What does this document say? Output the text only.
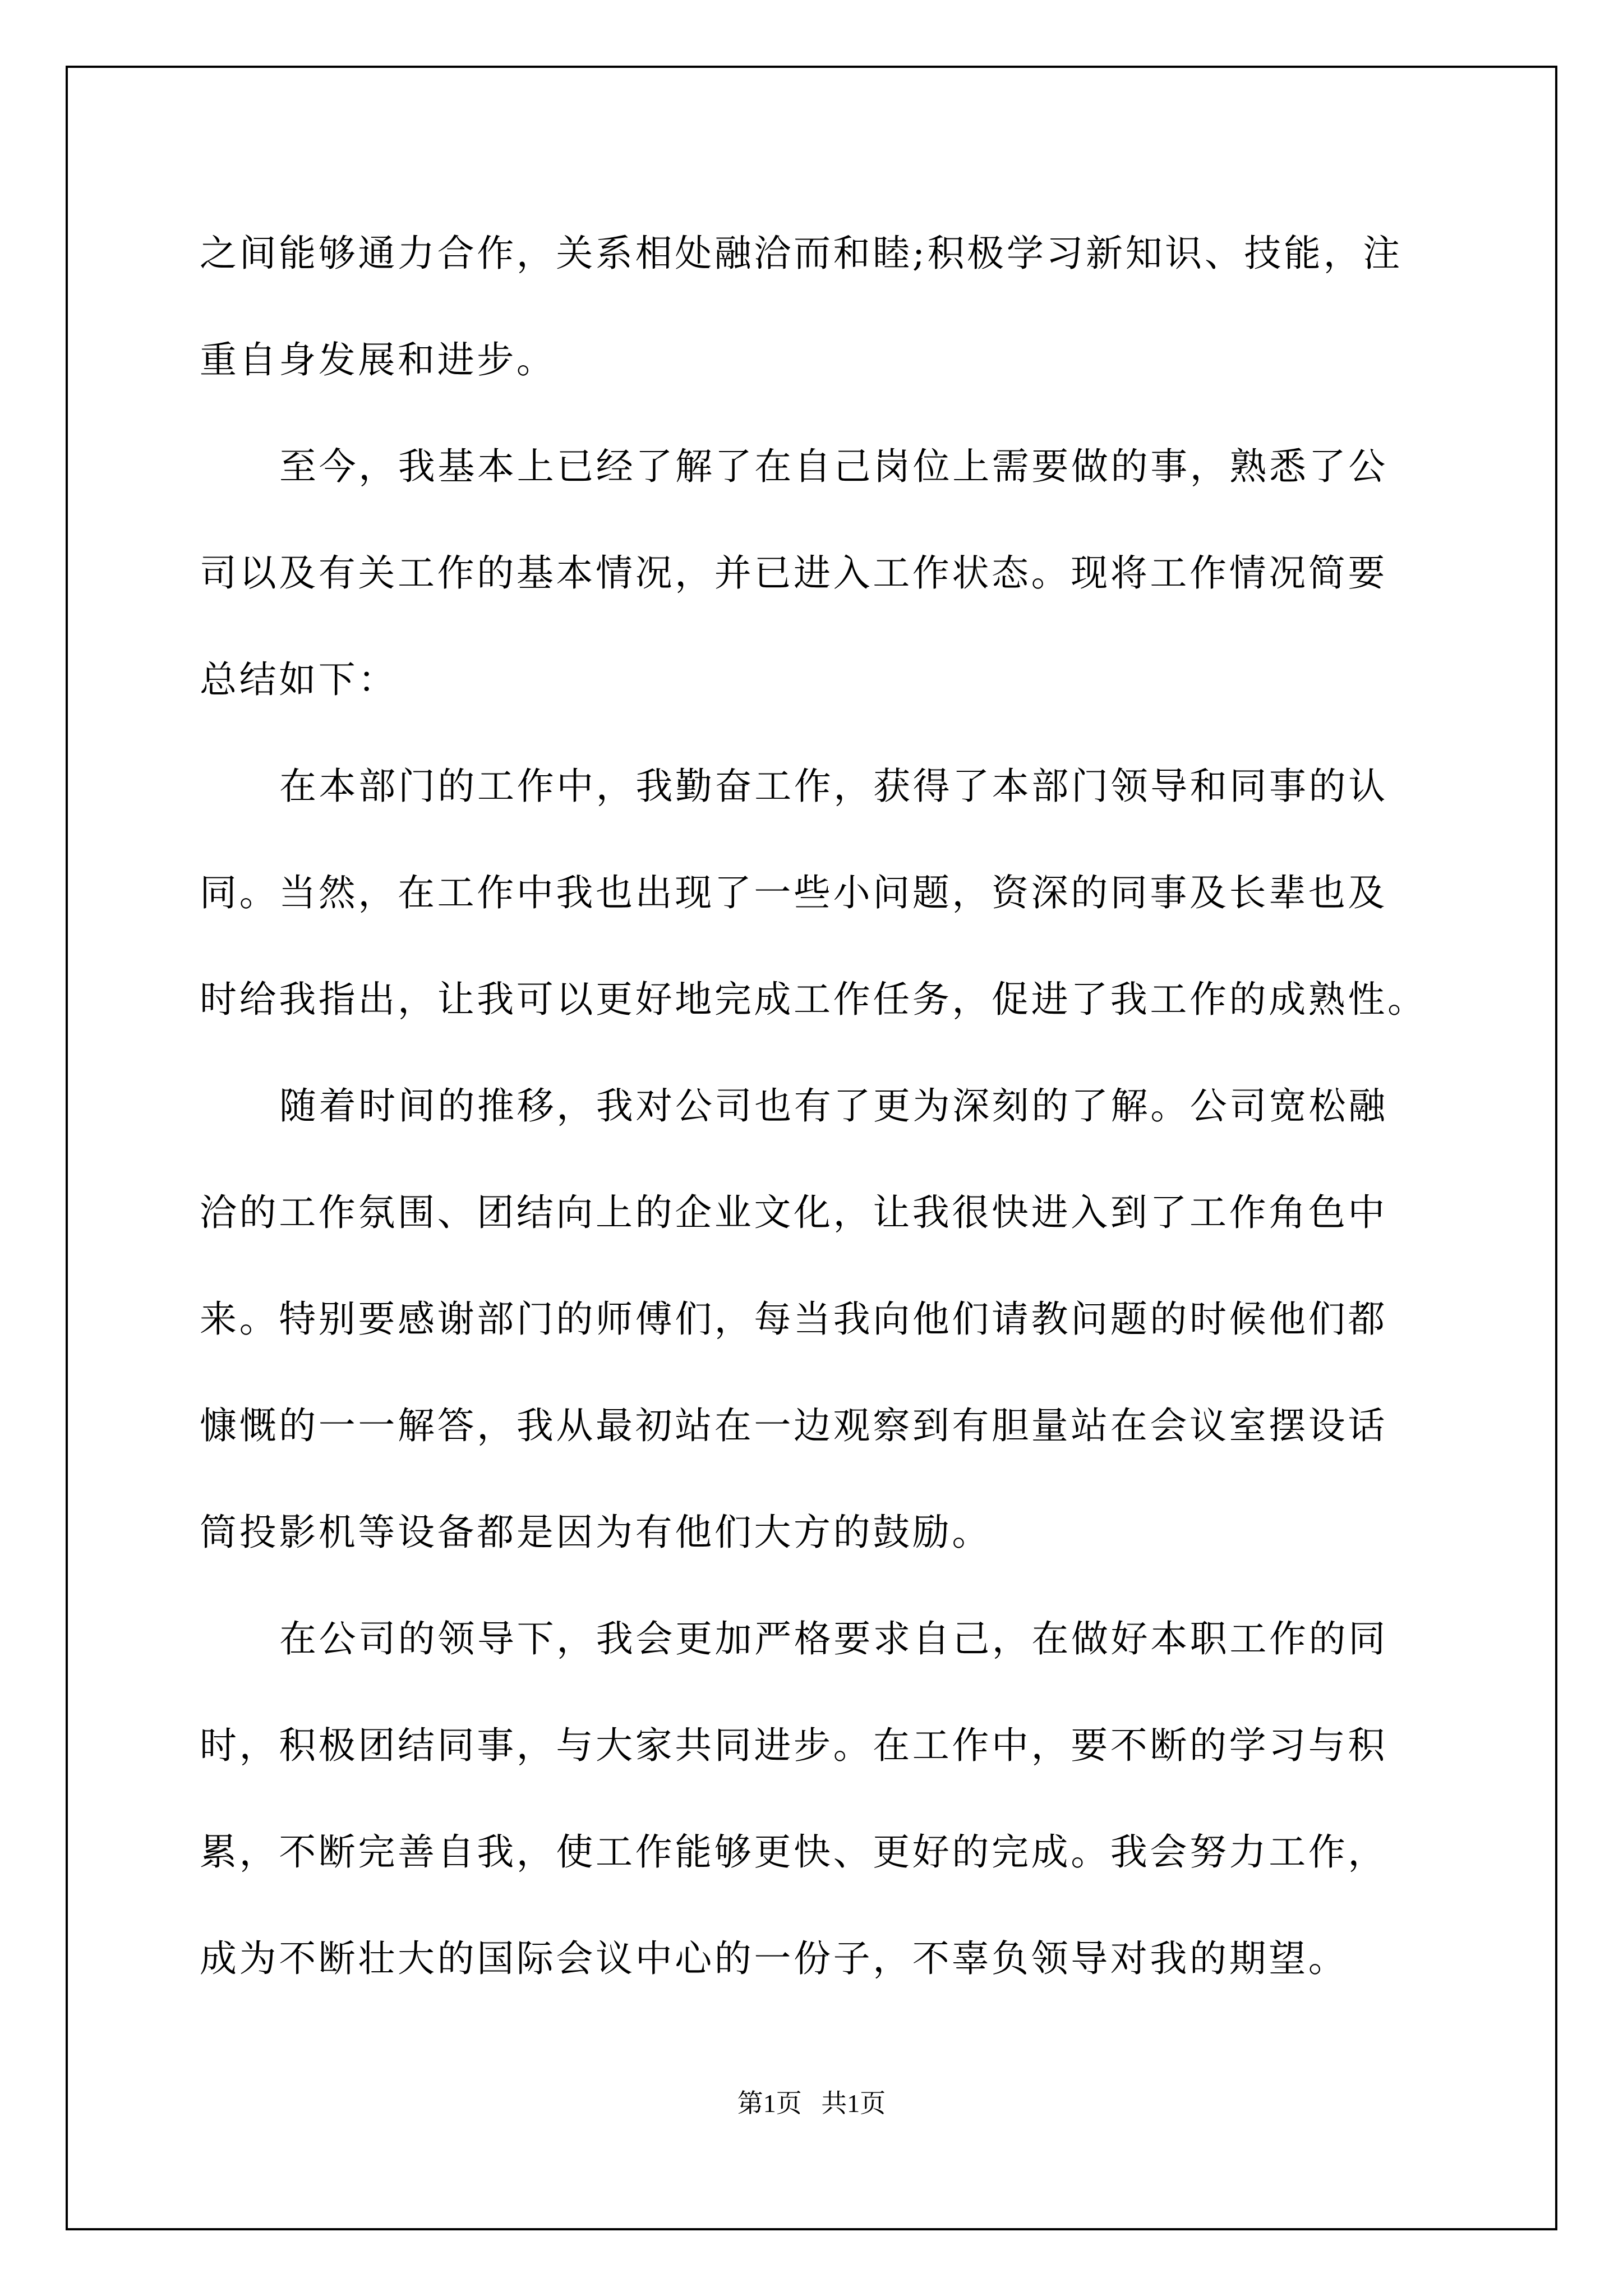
之间能够通力合作，关系相处融洽而和睦;积极学习新知识、技能，注
重自身发展和进步。
至今，我基本上已经了解了在自己岗位上需要做的事，熟悉了公
司以及有关工作的基本情况，并已进入工作状态。现将工作情况简要
总结如下：
在本部门的工作中，我勤奋工作，获得了本部门领导和同事的认
同。当然，在工作中我也出现了一些小问题，资深的同事及长辈也及
时给我指出，让我可以更好地完成工作任务，促进了我工作的成熟性。
随着时间的推移，我对公司也有了更为深刻的了解。公司宽松融
洽的工作氛围、团结向上的企业文化，让我很快进入到了工作角色中
来。特别要感谢部门的师傅们，每当我向他们请教问题的时候他们都
慷慨的一一解答，我从最初站在一边观察到有胆量站在会议室摆设话
筒投影机等设备都是因为有他们大方的鼓励。
在公司的领导下，我会更加严格要求自己，在做好本职工作的同
时，积极团结同事，与大家共同进步。在工作中，要不断的学习与积
累，不断完善自我，使工作能够更快、更好的完成。我会努力工作，
成为不断壮大的国际会议中心的一份子，不辜负领导对我的期望。
第1页   共1页
